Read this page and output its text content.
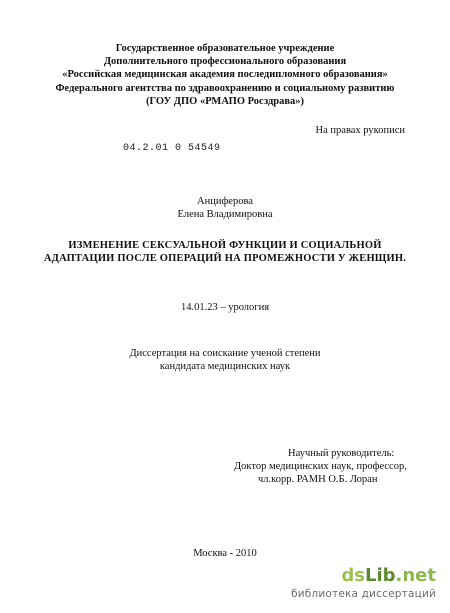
Государственное образовательное учреждение
Дополнительного профессионального образования
«Российская медицинская академия последипломного образования»
Федерального агентства по здравоохранению и социальному развитию
(ГОУ ДПО «РМАПО Росздрава»)
На правах рукописи
04.2.01 0 54549
Анциферова
Елена Владимировна
ИЗМЕНЕНИЕ СЕКСУАЛЬНОЙ ФУНКЦИИ И СОЦИАЛЬНОЙ
АДАПТАЦИИ ПОСЛЕ ОПЕРАЦИЙ НА ПРОМЕЖНОСТИ У ЖЕНЩИН.
14.01.23 – урология
Диссертация на соискание ученой степени
кандидата медицинских наук
Научный руководитель:
Доктор медицинских наук, профессор,
чл.корр. РАМН О.Б. Лоран
Москва - 2010
dsLib.net
библиотека диссертаций
